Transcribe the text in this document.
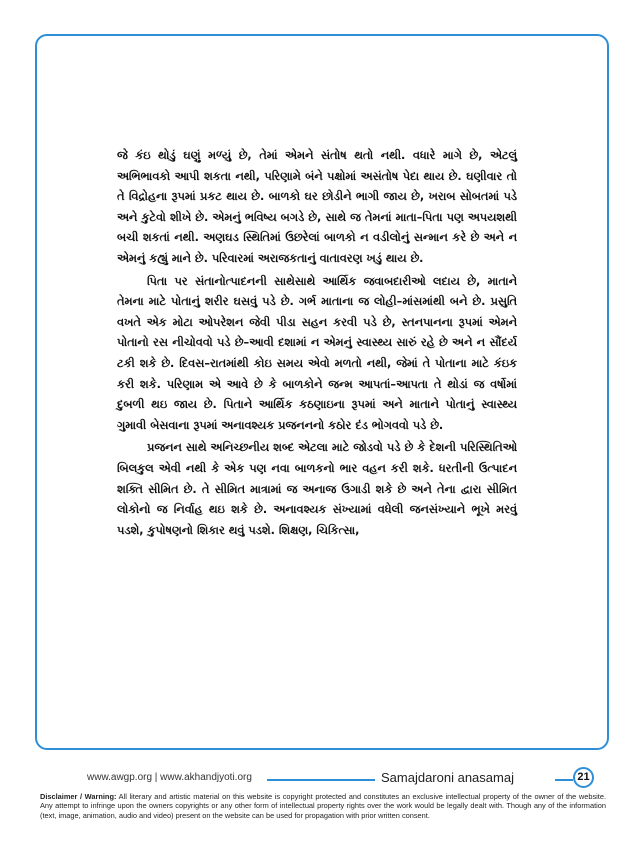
જે કંઇ થોડું ઘણું મળ્યું છે, તેમાં એમને સંતોષ થતો નથી. વધારે માગે છે, એટલું અભિભાવકો આપી શકતા નથી, પરિણામે બંને પક્ષોમાં અસંતોષ પેદા થાય છે. ઘણીવાર તો તે વિદ્રોહના રૂપમાં પ્રકટ થાય છે. બાળકો ઘર છોડીને ભાગી જાય છે, ખરાબ સોબતમાં પડે અને કુટેવો શીખે છે. એમનું ભવિષ્ય બગડે છે, સાથે જ તેમનાં માતા–પિતા પણ અપયશથી બચી શકતાં નથી. અણઘડ સ્થિતિમાં ઉછરેલાં બાળકો ન વડીલોનું સન્માન કરે છે અને ન એમનું કહ્યું માને છે. પરિવારમાં અરાજકતાનું વાતાવરણ ખડું થાય છે.

પિતા પર સંતાનોત્પાદનની સાથેસાથે આર્થિક જવાબદારીઓ લદાય છે, માતાને તેમના માટે પોતાનું શરીર ઘસવું પડે છે. ગર્ભ માતાના જ લોહી–માંસમાંથી બને છે. પ્રસુતિ વખતે એક મોટા ઓપરેશન જેવી પીડા સહન કરવી પડે છે, સ્તનપાનના રૂપમાં એમને પોતાનો રસ નીચોવવો પડે છે–આવી દશામાં ન એમનું સ્વાસ્થ્ય સારું રહે છે અને ન સૌંદર્ય ટકી શકે છે. દિવસ–રાતમાંથી કોઇ સમય એવો મળતો નથી, જેમાં તે પોતાના માટે કંઇક કરી શકે. પરિણામ એ આવે છે કે બાળકોને જન્મ આપતાં–આપતા તે થોડાં જ વર્ષોમાં દુબળી થઇ જાય છે. પિતાને આર્થિક કઠણાઇના રૂપમાં અને માતાને પોતાનું સ્વાસ્થ્ય ગુમાવી બેસવાના રૂપમાં અનાવશ્યક પ્રજનનનો કઠોર દંડ ભોગવવો પડે છે.

પ્રજનન સાથે અનિચ્છનીય શબ્દ એટલા માટે જોડવો પડે છે કે દેશની પરિસ્થિતિઓ બિલકુલ એવી નથી કે એક પણ નવા બાળકનો ભાર વહન કરી શકે. ધરતીની ઉત્પાદન શક્તિ સીમિત છે. તે સીમિત માત્રામાં જ અનાજ ઉગાડી શકે છે અને તેના દ્વારા સીમિત લોકોનો જ નિર્વાહ થઇ શકે છે. અનાવશ્યક સંખ્યામાં વધેલી જનસંખ્યાને ભૂખે મરવું પડશે, કુપોષણનો શિકાર થવું પડશે. શિક્ષણ, ચિકિત્સા,

www.awgp.org | www.akhandjyoti.org	Samajdaroni anasamaj	21
Disclaimer / Warning: All literary and artistic material on this website is copyright protected and constitutes an exclusive intellectual property of the owner of the website. Any attempt to infringe upon the owners copyrights or any other form of intellectual property rights over the work would be legally dealt with. Though any of the information (text, image, animation, audio and video) present on the website can be used for propagation with prior written consent.
